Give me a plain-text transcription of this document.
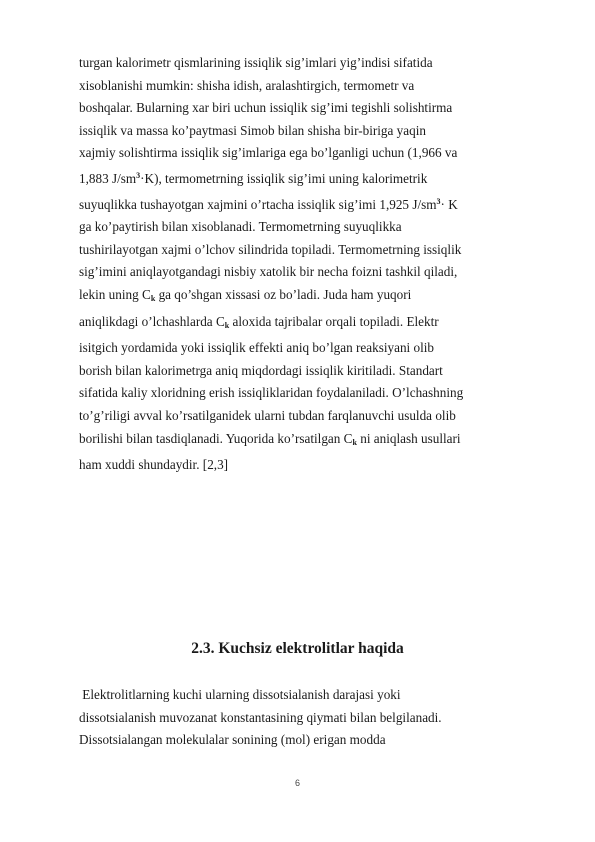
turgan kalorimetr qismlarining issiqlik sig’imlari yig’indisi sifatida
xisoblanishi mumkin: shisha idish, aralashtirgich, termometr va
boshqalar. Bularning xar biri uchun issiqlik sig’imi tegishli solishtirma
issiqlik va massa ko’paytmasi Simob bilan shisha bir-biriga yaqin
xajmiy solishtirma issiqlik sig’imlariga ega bo’lganligi uchun (1,966 va
1,883 $J/sm^3\cdot K$), termometrning issiqlik sig’imi uning kalorimetrik
suyuqlikka tushayotgan xajmini o’rtacha issiqlik sig’imi 1,925 $J/sm^3\cdot K$
ga ko’paytirish bilan xisoblanadi. Termometrning suyuqlikka
tushirilayotgan xajmi o’lchov silindrida topiladi. Termometrning issiqlik
sig’imini aniqlayotgandagi nisbiy xatolik bir necha foizni tashkil qiladi,
lekin uning $C_k$ ga qo’shgan xissasi oz bo’ladi. Juda ham yuqori
aniqlikdagi o’lchashlarda $C_k$ aloxida tajribalar orqali topiladi. Elektr
isitgich yordamida yoki issiqlik effekti aniq bo’lgan reaksiyani olib
borish bilan kalorimetrga aniq miqdordagi issiqlik kiritiladi. Standart
sifatida kaliy xloridning erish issiqliklaridan foydalaniladi. O’lchashning
to’g’riligi avval ko’rsatilganidek ularni tubdan farqlanuvchi usulda olib
borilishi bilan tasdiqlanadi. Yuqorida ko’rsatilgan $C_k$ ni aniqlash usullari
ham xuddi shundaydir. [2,3]
2.3. Kuchsiz elektrolitlar haqida
Elektrolitlarning kuchi ularning dissotsialanish darajasi yoki
dissotsialanish muvozanat konstantasining qiymati bilan belgilanadi.
Dissotsialangan molekulalar sonining (mol) erigan modda
6
